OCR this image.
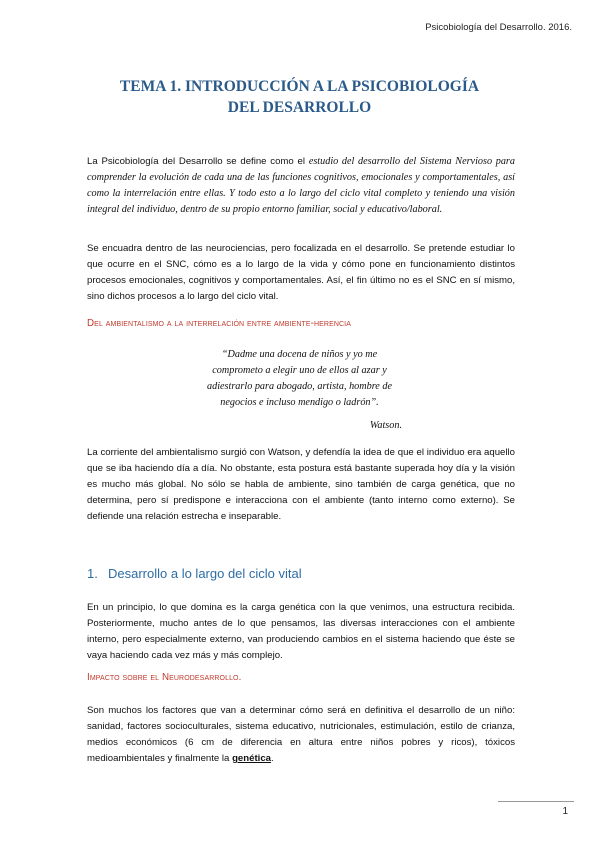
Psicobiología del Desarrollo. 2016.
TEMA 1. INTRODUCCIÓN A LA PSICOBIOLOGÍA
DEL DESARROLLO

La Psicobiología del Desarrollo se define como el estudio del desarrollo del Sistema Nervioso para comprender la evolución de cada una de las funciones cognitivos, emocionales y comportamentales, así como la interrelación entre ellas. Y todo esto a lo largo del ciclo vital completo y teniendo una visión integral del individuo, dentro de su propio entorno familiar, social y educativo/laboral.

Se encuadra dentro de las neurociencias, pero focalizada en el desarrollo. Se pretende estudiar lo que ocurre en el SNC, cómo es a lo largo de la vida y cómo pone en funcionamiento distintos procesos emocionales, cognitivos y comportamentales. Así, el fin último no es el SNC en sí mismo, sino dichos procesos a lo largo del ciclo vital.

Del ambientalismo a la interrelación entre ambiente-herencia

“Dadme una docena de niños y yo me
comprometo a elegir uno de ellos al azar y
adiestrarlo para abogado, artista, hombre de
negocios e incluso mendigo o ladrón”.
Watson.

La corriente del ambientalismo surgió con Watson, y defendía la idea de que el individuo era aquello que se iba haciendo día a día. No obstante, esta postura está bastante superada hoy día y la visión es mucho más global. No sólo se habla de ambiente, sino también de carga genética, que no determina, pero sí predispone e interacciona con el ambiente (tanto interno como externo). Se defiende una relación estrecha e inseparable.

1. Desarrollo a lo largo del ciclo vital

En un principio, lo que domina es la carga genética con la que venimos, una estructura recibida. Posteriormente, mucho antes de lo que pensamos, las diversas interacciones con el ambiente interno, pero especialmente externo, van produciendo cambios en el sistema haciendo que éste se vaya haciendo cada vez más y más complejo.

Impacto sobre el Neurodesarrollo.

Son muchos los factores que van a determinar cómo será en definitiva el desarrollo de un niño: sanidad, factores socioculturales, sistema educativo, nutricionales, estimulación, estilo de crianza, medios económicos (6 cm de diferencia en altura entre niños pobres y ricos), tóxicos medioambientales y finalmente la genética.

1
